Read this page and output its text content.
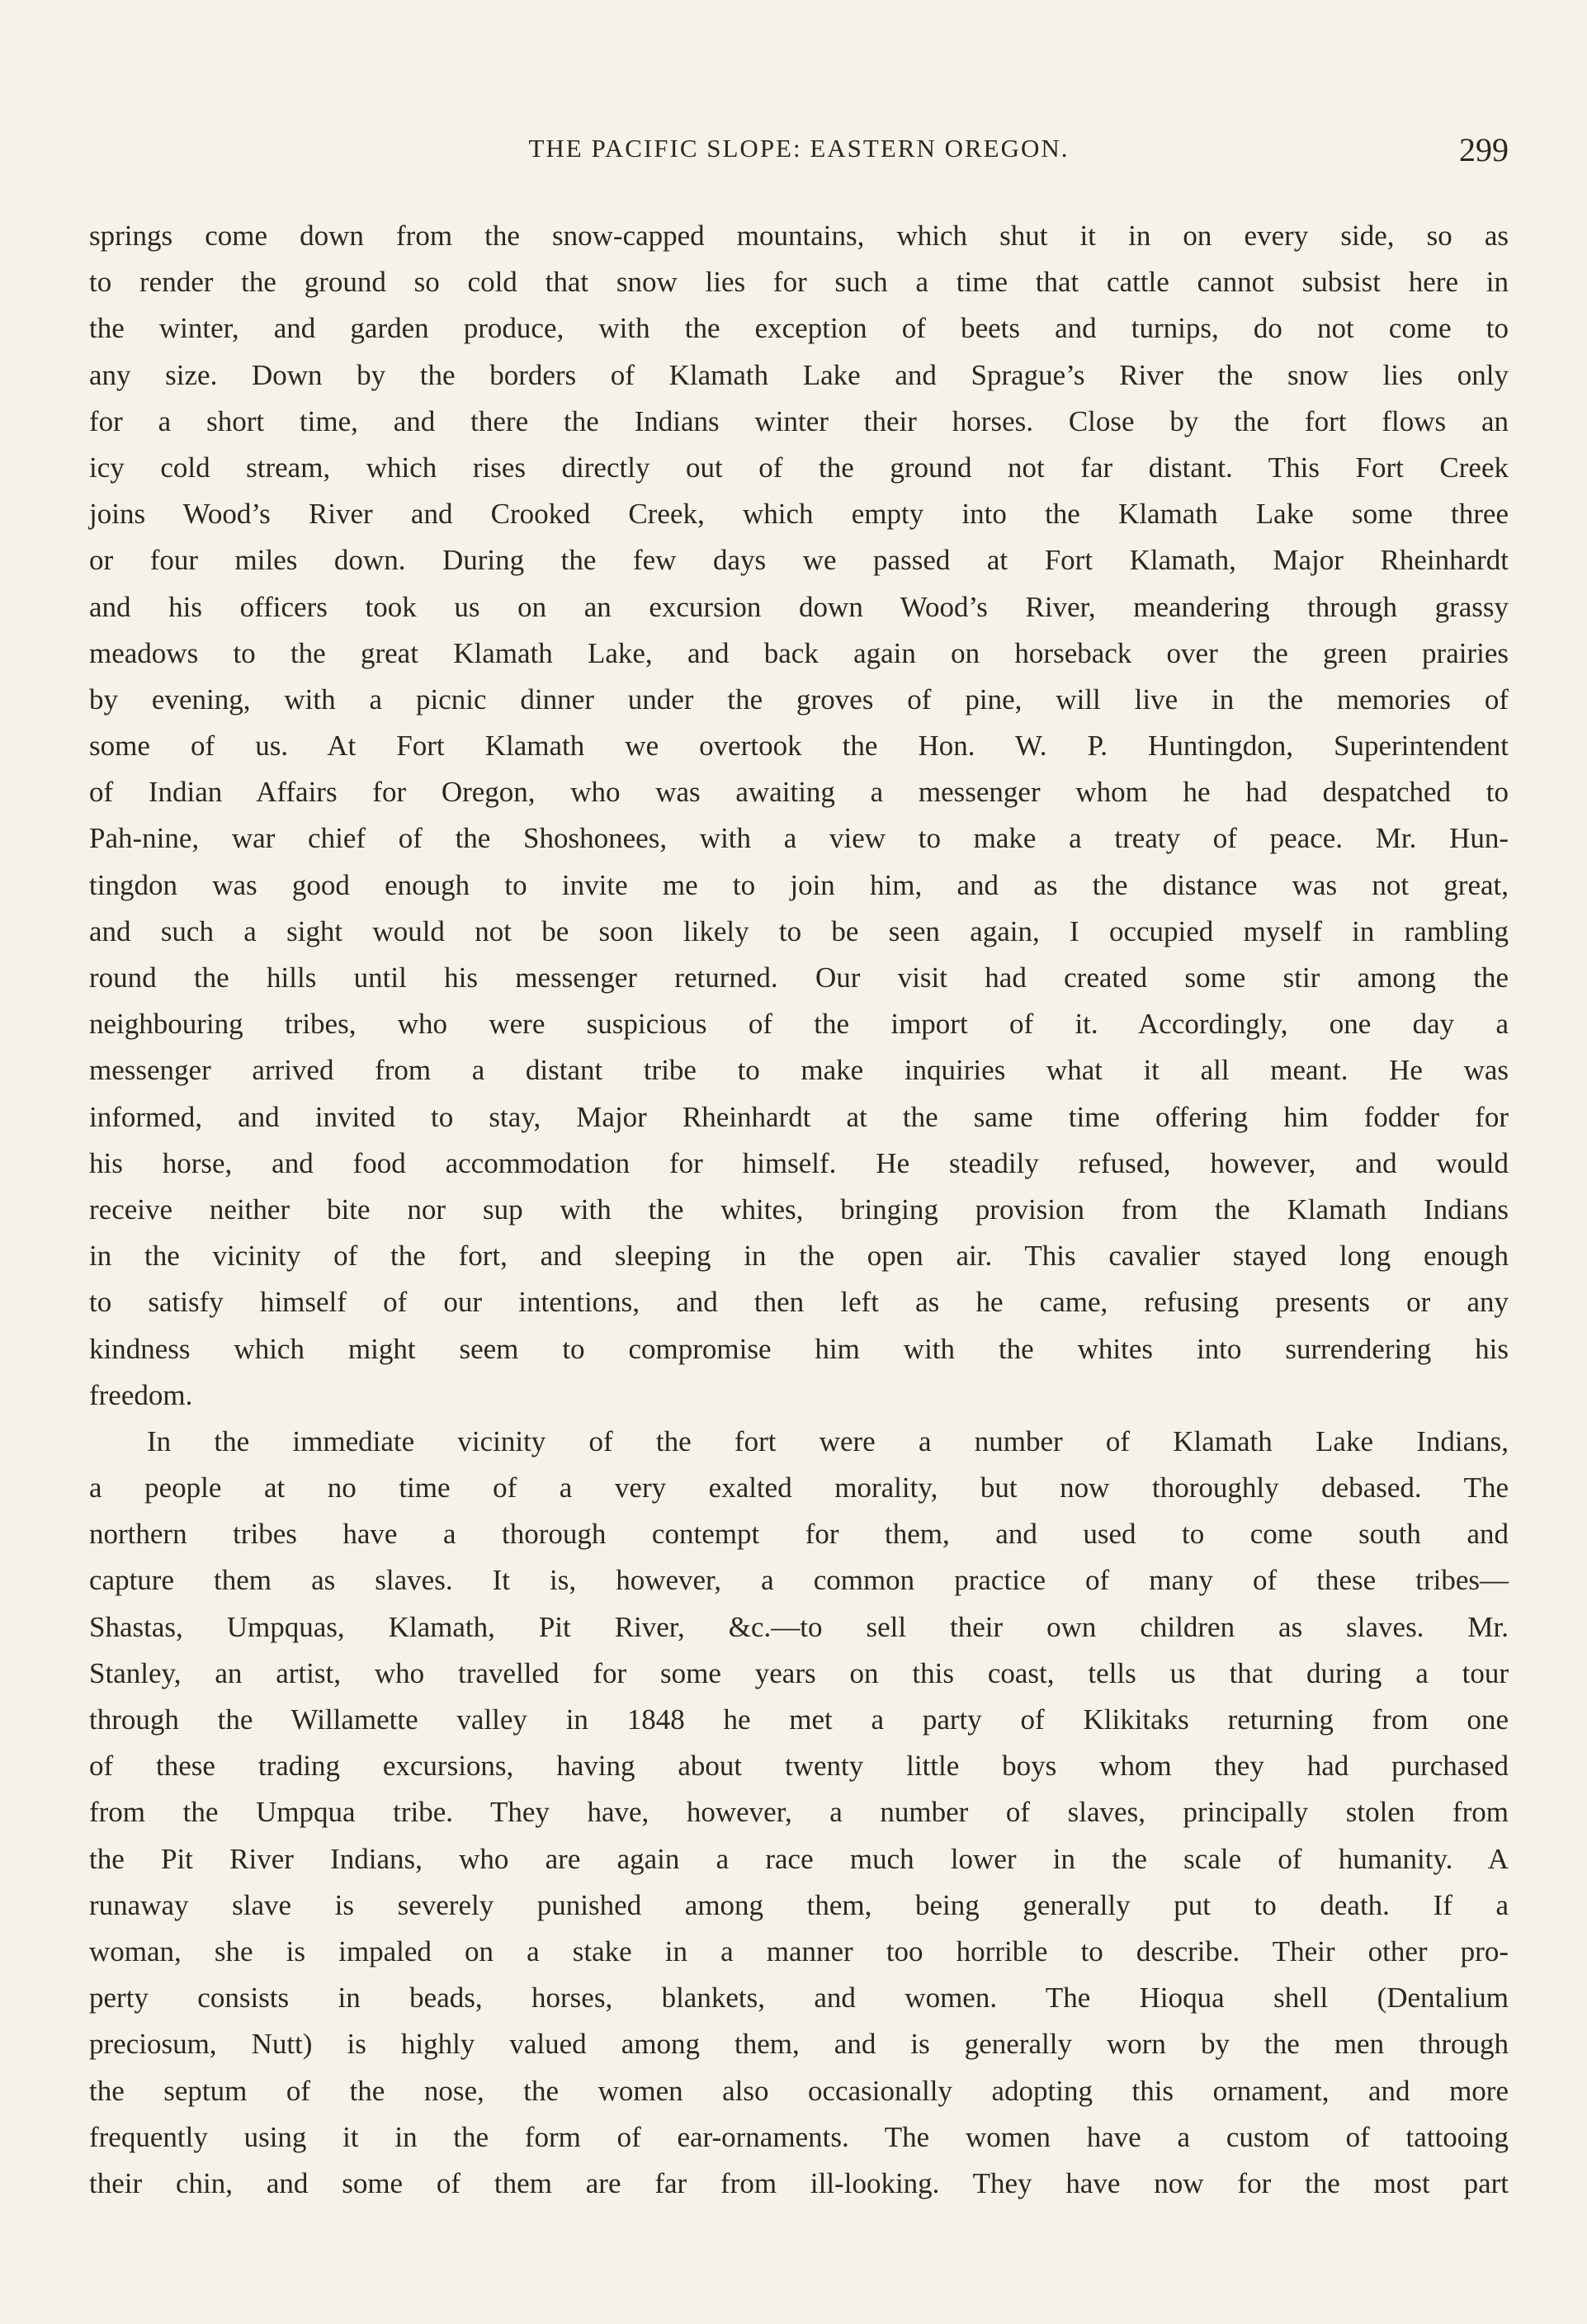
THE PACIFIC SLOPE: EASTERN OREGON.	299
springs come down from the snow-capped mountains, which shut it in on every side, so as
to render the ground so cold that snow lies for such a time that cattle cannot subsist here in
the winter, and garden produce, with the exception of beets and turnips, do not come to
any size. Down by the borders of Klamath Lake and Sprague’s River the snow lies only
for a short time, and there the Indians winter their horses. Close by the fort flows an
icy cold stream, which rises directly out of the ground not far distant. This Fort Creek
joins Wood’s River and Crooked Creek, which empty into the Klamath Lake some three
or four miles down. During the few days we passed at Fort Klamath, Major Rheinhardt
and his officers took us on an excursion down Wood’s River, meandering through grassy
meadows to the great Klamath Lake, and back again on horseback over the green prairies
by evening, with a picnic dinner under the groves of pine, will live in the memories of
some of us. At Fort Klamath we overtook the Hon. W. P. Huntingdon, Superintendent
of Indian Affairs for Oregon, who was awaiting a messenger whom he had despatched to
Pah-nine, war chief of the Shoshonees, with a view to make a treaty of peace. Mr. Hun-
tingdon was good enough to invite me to join him, and as the distance was not great,
and such a sight would not be soon likely to be seen again, I occupied myself in rambling
round the hills until his messenger returned. Our visit had created some stir among the
neighbouring tribes, who were suspicious of the import of it. Accordingly, one day a
messenger arrived from a distant tribe to make inquiries what it all meant. He was
informed, and invited to stay, Major Rheinhardt at the same time offering him fodder for
his horse, and food accommodation for himself. He steadily refused, however, and would
receive neither bite nor sup with the whites, bringing provision from the Klamath Indians
in the vicinity of the fort, and sleeping in the open air. This cavalier stayed long enough
to satisfy himself of our intentions, and then left as he came, refusing presents or any
kindness which might seem to compromise him with the whites into surrendering his
freedom.
In the immediate vicinity of the fort were a number of Klamath Lake Indians,
a people at no time of a very exalted morality, but now thoroughly debased. The
northern tribes have a thorough contempt for them, and used to come south and
capture them as slaves. It is, however, a common practice of many of these tribes—
Shastas, Umpquas, Klamath, Pit River, &c.—to sell their own children as slaves. Mr.
Stanley, an artist, who travelled for some years on this coast, tells us that during a tour
through the Willamette valley in 1848 he met a party of Klikitaks returning from one
of these trading excursions, having about twenty little boys whom they had purchased
from the Umpqua tribe. They have, however, a number of slaves, principally stolen from
the Pit River Indians, who are again a race much lower in the scale of humanity. A
runaway slave is severely punished among them, being generally put to death. If a
woman, she is impaled on a stake in a manner too horrible to describe. Their other pro-
perty consists in beads, horses, blankets, and women. The Hioqua shell (Dentalium
preciosum, Nutt) is highly valued among them, and is generally worn by the men through
the septum of the nose, the women also occasionally adopting this ornament, and more
frequently using it in the form of ear-ornaments. The women have a custom of tattooing
their chin, and some of them are far from ill-looking. They have now for the most part
